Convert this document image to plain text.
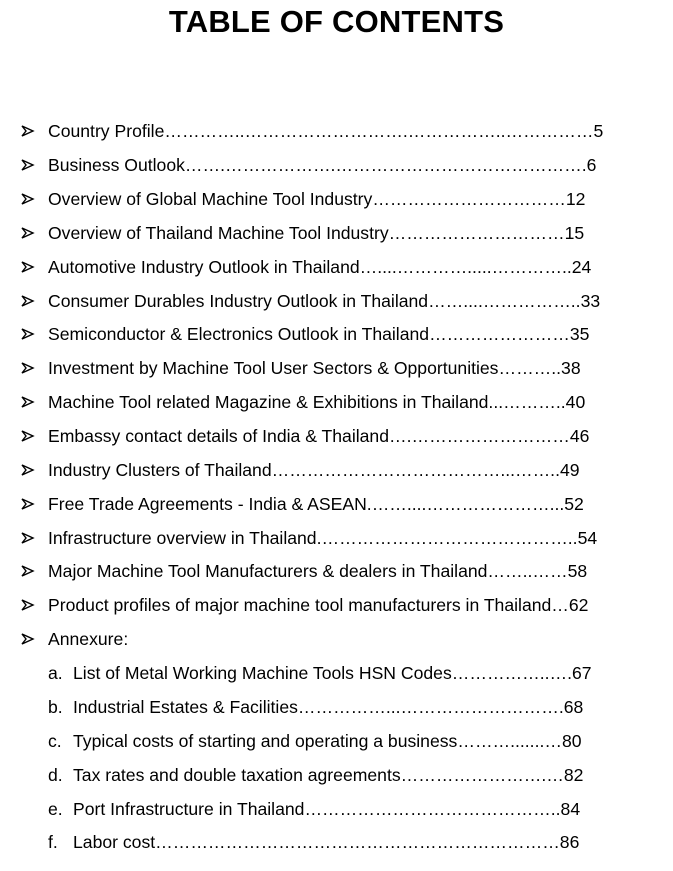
TABLE OF CONTENTS
Country Profile…………..……………………….……………..……………5
Business Outlook…….……………….…………………………………….6
Overview of Global Machine Tool Industry……………………………12
Overview of Thailand Machine Tool Industry…………………………15
Automotive Industry Outlook in Thailand…....………….....…………..24
Consumer Durables Industry Outlook in Thailand……....……………..33
Semiconductor & Electronics Outlook in Thailand……………………35
Investment by Machine Tool User Sectors & Opportunities………..38
Machine Tool related Magazine & Exhibitions in Thailand...………..40
Embassy contact details of India & Thailand….………………………46
Industry Clusters of Thailand…………………………………...……..49
Free Trade Agreements - India & ASEAN.……....…………………...52
Infrastructure overview in Thailand.……………………………………..54
Major Machine Tool Manufacturers & dealers in Thailand……..……58
Product profiles of major machine tool manufacturers in Thailand…62
Annexure:
a. List of Metal Working Machine Tools HSN Codes……………..….67
b. Industrial Estates & Facilities……………...……………………….68
c. Typical costs of starting and operating a business……….......…80
d. Tax rates and double taxation agreements…………………….…82
e. Port Infrastructure in Thailand……………………………………..84
f. Labor cost……………………………………………………………86
